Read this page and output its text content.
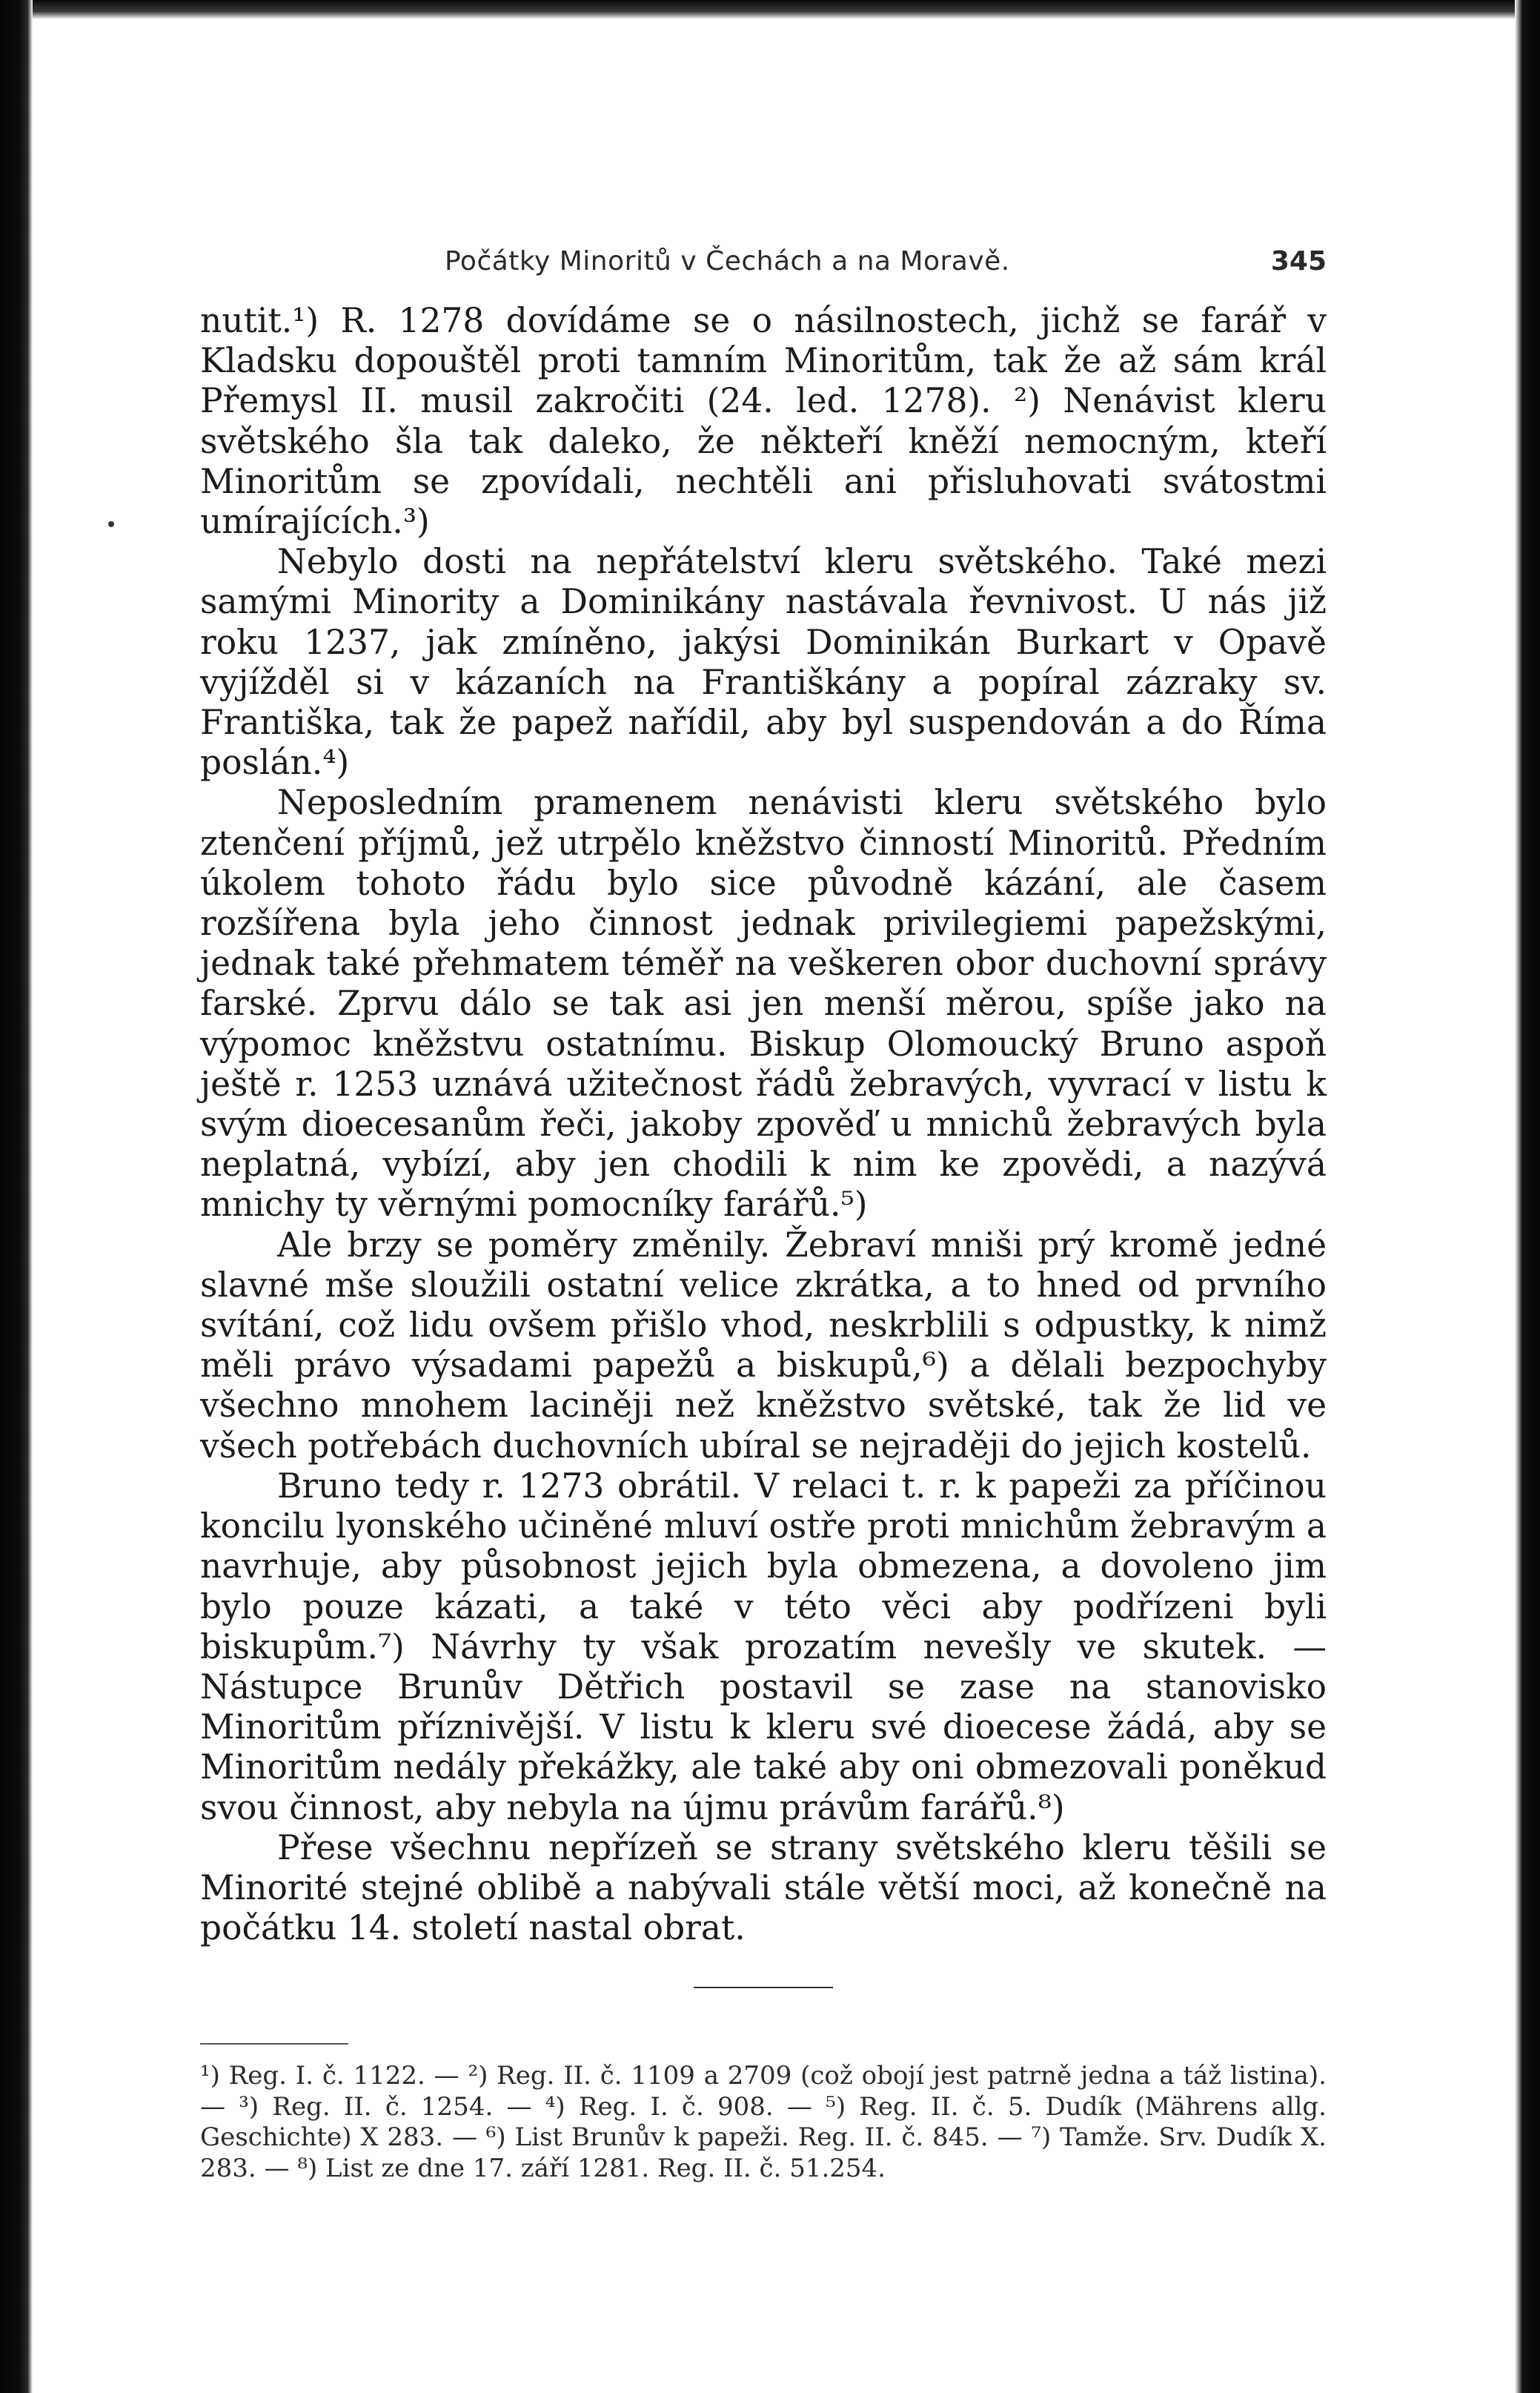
Počátky Minoritů v Čechách a na Moravě.	345

nutit.¹) R. 1278 dovídáme se o násilnostech, jichž se farář v Kladsku dopouštěl proti tamním Minoritům, tak že až sám král Přemysl II. musil zakročiti (24. led. 1278). ²) Nenávist kleru světského šla tak daleko, že někteří kněží nemocným, kteří Minoritům se zpovídali, nechtěli ani přisluhovati svátostmi umírajících.³)

Nebylo dosti na nepřátelství kleru světského. Také mezi samými Minority a Dominikány nastávala řevnivost. U nás již roku 1237, jak zmíněno, jakýsi Dominikán Burkart v Opavě vyjížděl si v kázaních na Františkány a popíral zázraky sv. Františka, tak že papež nařídil, aby byl suspendován a do Říma poslán.⁴)

Neposledním pramenem nenávisti kleru světského bylo ztenčení příjmů, jež utrpělo kněžstvo činností Minoritů. Předním úkolem tohoto řádu bylo sice původně kázání, ale časem rozšířena byla jeho činnost jednak privilegiemi papežskými, jednak také přehmatem téměř na veškeren obor duchovní správy farské. Zprvu dálo se tak asi jen menší měrou, spíše jako na výpomoc kněžstvu ostatnímu. Biskup Olomoucký Bruno aspoň ještě r. 1253 uznává užitečnost řádů žebravých, vyvrací v listu k svým dioecesanům řeči, jakoby zpověď u mnichů žebravých byla neplatná, vybízí, aby jen chodili k nim ke zpovědi, a nazývá mnichy ty věrnými pomocníky farářů.⁵)

Ale brzy se poměry změnily. Žebraví mniši prý kromě jedné slavné mše sloužili ostatní velice zkrátka, a to hned od prvního svítání, což lidu ovšem přišlo vhod, neskrblili s odpustky, k nimž měli právo výsadami papežů a biskupů,⁶) a dělali bezpochyby všechno mnohem laciněji než kněžstvo světské, tak že lid ve všech potřebách duchovních ubíral se nejraději do jejich kostelů.

Bruno tedy r. 1273 obrátil. V relaci t. r. k papeži za příčinou koncilu lyonského učiněné mluví ostře proti mnichům žebravým a navrhuje, aby působnost jejich byla obmezena, a dovoleno jim bylo pouze kázati, a také v této věci aby podřízeni byli biskupům.⁷) Návrhy ty však prozatím nevešly ve skutek. — Nástupce Brunův Dětřich postavil se zase na stanovisko Minoritům příznivější. V listu k kleru své dioecese žádá, aby se Minoritům nedály překážky, ale také aby oni obmezovali poněkud svou činnost, aby nebyla na újmu právům farářů.⁸)

Přese všechnu nepřízeň se strany světského kleru těšili se Minorité stejné oblibě a nabývali stále větší moci, až konečně na počátku 14. století nastal obrat.

¹) Reg. I. č. 1122. — ²) Reg. II. č. 1109 a 2709 (což obojí jest patrně jedna a táž listina). — ³) Reg. II. č. 1254. — ⁴) Reg. I. č. 908. — ⁵) Reg. II. č. 5. Dudík (Mährens allg. Geschichte) X 283. — ⁶) List Brunův k papeži. Reg. II. č. 845. — ⁷) Tamže. Srv. Dudík X. 283. — ⁸) List ze dne 17. září 1281. Reg. II. č. 51.254.
